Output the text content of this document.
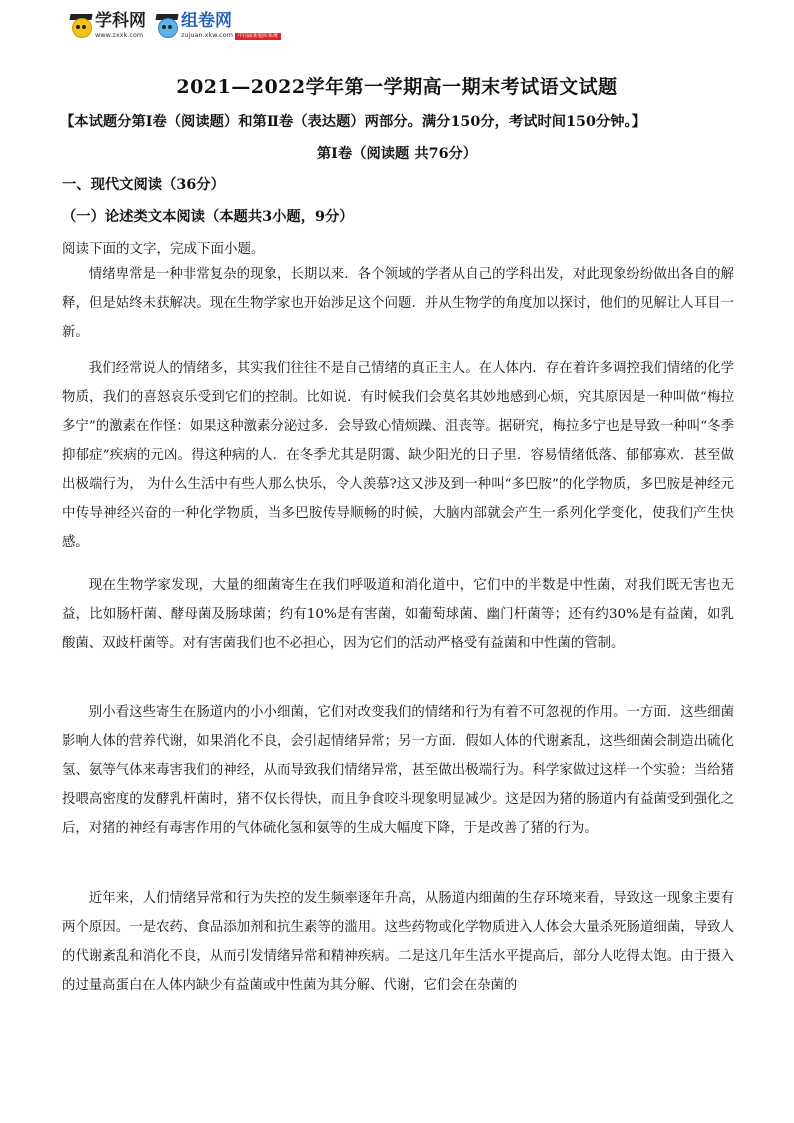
学科网
www.zxxk.com
组卷网
zujuan.xkw.com 中国最新题库系统
2021—2022学年第一学期高一期末考试语文试题
【本试题分第Ⅰ卷（阅读题）和第Ⅱ卷（表达题）两部分。满分150分，考试时间150分钟。】
第Ⅰ卷（阅读题 共76分）
一、现代文阅读（36分）
（一）论述类文本阅读（本题共3小题，9分）
阅读下面的文字，完成下面小题。

情绪卑常是一种非常复杂的现象，长期以来．各个领域的学者从自己的学科出发，对此现象纷纷做出各自的解释，但是姑终未获解决。现在生物学家也开始涉足这个问题．并从生物学的角度加以探讨，他们的见解让人耳目一新。

我们经常说人的情绪多，其实我们往往不是自己情绪的真正主人。在人体内．存在着许多调控我们情绪的化学物质，我们的喜怒哀乐受到它们的控制。比如说．有时候我们会莫名其妙地感到心烦，究其原因是一种叫做“梅拉多宁”的激素在作怪：如果这种激素分泌过多．会导致心情烦躁、沮丧等。据研究，梅拉多宁也是导致一种叫“冬季抑郁症”疾病的元凶。得这种病的人．在冬季尤其是阴霭、缺少阳光的日子里．容易情绪低落、郁郁寡欢．甚至做出极端行为， 为什么生活中有些人那么快乐，令人羡慕?这又涉及到一种叫“多巴胺”的化学物质，多巴胺是神经元中传导神经兴奋的一种化学物质，当多巴胺传导顺畅的时候，大脑内部就会产生一系列化学变化，使我们产生快感。

现在生物学家发现，大量的细菌寄生在我们呼吸道和消化道中，它们中的半数是中性菌，对我们既无害也无益，比如肠杆菌、酵母菌及肠球菌；约有10%是有害菌，如葡萄球菌、幽门杆菌等；还有约30%是有益菌，如乳酸菌、双歧杆菌等。对有害菌我们也不必担心，因为它们的活动严格受有益菌和中性菌的管制。

别小看这些寄生在肠道内的小小细菌，它们对改变我们的情绪和行为有着不可忽视的作用。一方面．这些细菌影响人体的营养代谢，如果消化不良，会引起情绪异常；另一方面．假如人体的代谢紊乱，这些细菌会制造出硫化氢、氨等气体来毒害我们的神经，从而导致我们情绪异常，甚至做出极端行为。科学家做过这样一个实验：当给猪投喂高密度的发酵乳杆菌时，猪不仅长得快，而且争食咬斗现象明显减少。这是因为猪的肠道内有益菌受到强化之后，对猪的神经有毒害作用的气体硫化氢和氨等的生成大幅度下降，于是改善了猪的行为。

近年来，人们情绪异常和行为失控的发生频率逐年升高，从肠道内细菌的生存环境来看，导致这一现象主要有两个原因。一是农药、食品添加剂和抗生素等的滥用。这些药物或化学物质进入人体会大量杀死肠道细菌，导致人的代谢紊乱和消化不良，从而引发情绪异常和精神疾病。二是这几年生活水平提高后，部分人吃得太饱。由于摄入的过量高蛋白在人体内缺少有益菌或中性菌为其分解、代谢，它们会在杂菌的
